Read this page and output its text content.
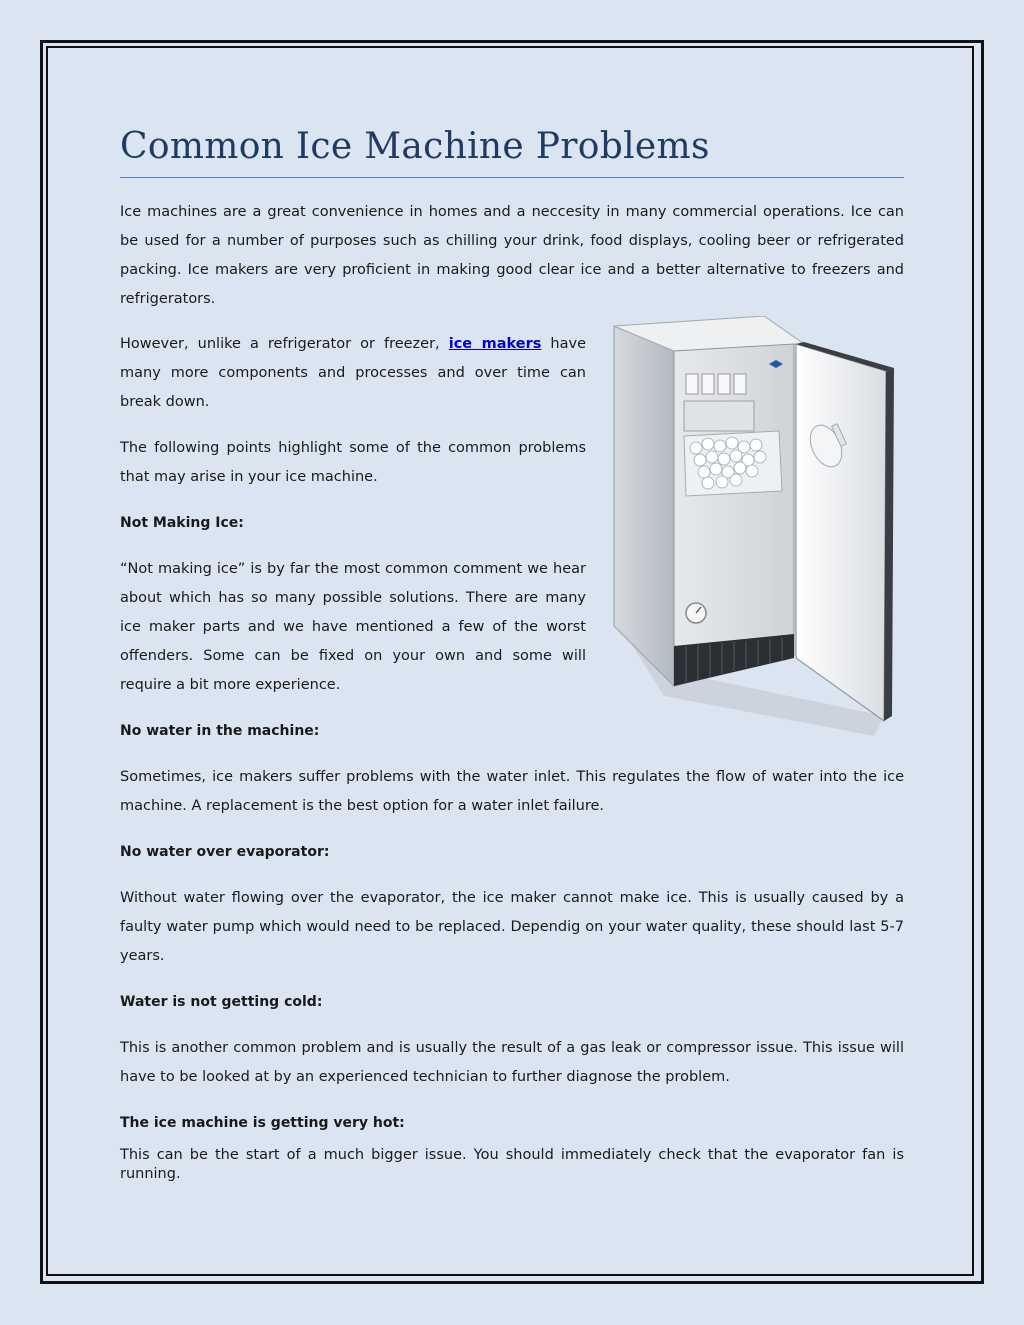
Common Ice Machine Problems

Ice machines are a great convenience in homes and a neccesity in many commercial operations. Ice can be used for a number of purposes such as chilling your drink, food displays, cooling beer or refrigerated packing. Ice makers are very proficient in making good clear ice and a better alternative to freezers and refrigerators.

However, unlike a refrigerator or freezer, ice makers have many more components and processes and over time can break down.

The following points highlight some of the common problems that may arise in your ice machine.

Not Making Ice:

“Not making ice” is by far the most common comment we hear about which has so many possible solutions. There are many ice maker parts and we have mentioned a few of the worst offenders. Some can be fixed on your own and some will require a bit more experience.

No water in the machine:

Sometimes, ice makers suffer problems with the water inlet. This regulates the flow of water into the ice machine. A replacement is the best option for a water inlet failure.

No water over evaporator:

Without water flowing over the evaporator, the ice maker cannot make ice. This is usually caused by a faulty water pump which would need to be replaced. Dependig on your water quality, these should last 5-7 years.

Water is not getting cold:

This is another common problem and is usually the result of a gas leak or compressor issue. This issue will have to be looked at by an experienced technician to further diagnose the problem.

The ice machine is getting very hot:

This can be the start of a much bigger issue. You should immediately check that the evaporator fan is running.
